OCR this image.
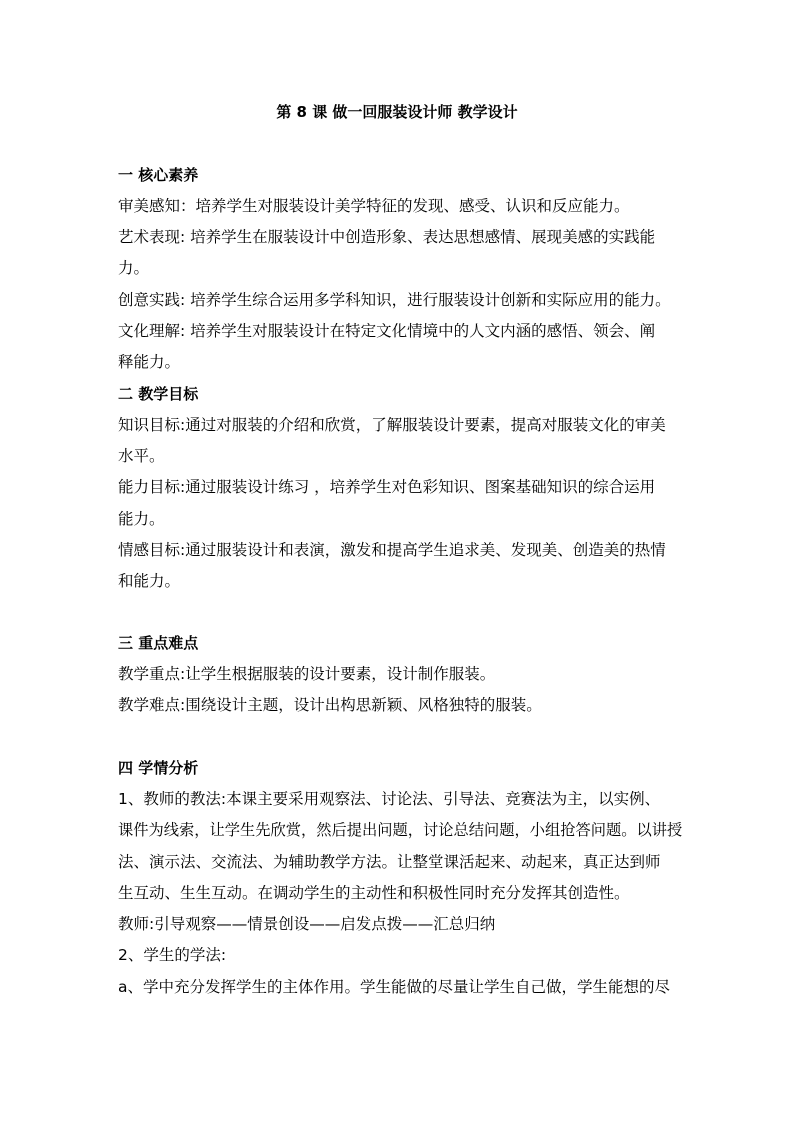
第 8 课 做一回服装设计师 教学设计
一 核心素养
审美感知：培养学生对服装设计美学特征的发现、感受、认识和反应能力。
艺术表现: 培养学生在服装设计中创造形象、表达思想感情、展现美感的实践能
力。
创意实践: 培养学生综合运用多学科知识，进行服装设计创新和实际应用的能力。
文化理解: 培养学生对服装设计在特定文化情境中的人文内涵的感悟、领会、阐
释能力。
二 教学目标
知识目标:通过对服装的介绍和欣赏，了解服装设计要素，提高对服装文化的审美
水平。
能力目标:通过服装设计练习 ，培养学生对色彩知识、图案基础知识的综合运用
能力。
情感目标:通过服装设计和表演，激发和提高学生追求美、发现美、创造美的热情
和能力。
三 重点难点
教学重点:让学生根据服装的设计要素，设计制作服装。
教学难点:围绕设计主题，设计出构思新颖、风格独特的服装。
四 学情分析
1、教师的教法:本课主要采用观察法、讨论法、引导法、竞赛法为主，以实例、
课件为线索，让学生先欣赏，然后提出问题，讨论总结问题，小组抢答问题。以讲授
法、演示法、交流法、为辅助教学方法。让整堂课活起来、动起来，真正达到师
生互动、生生互动。在调动学生的主动性和积极性同时充分发挥其创造性。
教师:引导观察——情景创设——启发点拨——汇总归纳
2、学生的学法:
a、学中充分发挥学生的主体作用。学生能做的尽量让学生自己做，学生能想的尽
